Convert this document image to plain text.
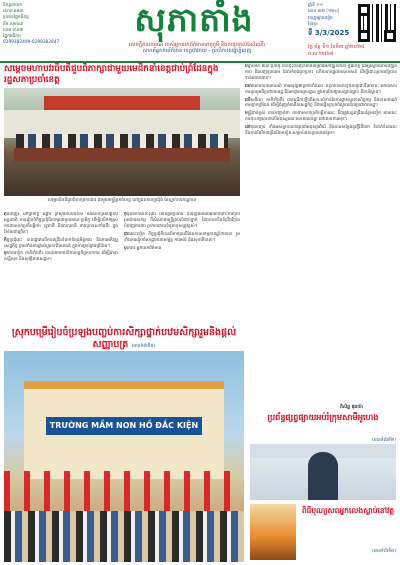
និពន្ធនាយក
សោត ឆត់តា
ប្រធានផ្នែកនិពន្ធ
នីម សុមាណ
ហេង ចាន់ផា
ផ្នែកអធិការ
0299382499-0299382847
សុភាតាំង
សេចក្តីរាយការណ៍ របស់អ្នកយកព័ត៌មានមាតុភូមិ និងការរួចរាល់នៃដំណើរ
សហព័ន្ធសារព័ត៌មាន ខេត្តជាងាយ - ប្រចាំការសង្ហាភ្នំពេញ
ឆ្នាំទី ១១
លេខ ៣២ (១២០)
ចេញផ្សាយរៀង
ខែមុន
ទី 3/3/2025
ថ្ងៃ ច័ន្ទ ទី១ ខែមីនា ឆ្នាំ២០២៥
ព.ស ២៥៦៨
សម្តេចមហាបវរធិបតីជួបពិភាក្សាជាមួយមេដឹកនាំខេត្តជាប់ព្រំដែនក្នុងរដ្ឋសភាប្រចាំខេត្ត
សម្តេចធិបតីជួបពិភាក្សាការងារ ជាមួយមន្ត្រីប្រចាំខេត្ត នៅក្នុងសាលប្រជុំធំ នៃស្នាក់ការកណ្តាល

ភ្នំពេញ៖ នៅព្រឹកថ្ងៃ អង្គារ ក្រសួងការបរទេស និងសហប្រតិបត្តិការអន្តរជាតិ បានរៀបចំកិច្ចប្រជុំពិភាក្សាជាមួយគណៈប្រតិភូ ដើម្បីលើកកម្ពស់ការងារសហប្រតិបត្តិការ ទ្វេភាគី និងពហុភាគី រវាងប្រទេសទាំងពីរ ក្នុងវិស័យជាច្រើន។

កិច្ចប្រជុំនេះ បានផ្តោតលើការពង្រឹងទំនាក់ទំនងមិត្តភាព និងការអភិវឌ្ឍសេដ្ឋកិច្ច ព្រមទាំងការផ្លាស់ប្តូរបទពិសោធន៍ ក្នុងការគ្រប់គ្រងព្រំដែន។

ម្យ៉ាងទៀត ភាគីទាំងពីរ បានឯកភាពលើការបន្តកិច្ចសហការ ដើម្បីធានាសន្តិសុខ និងសុវត្ថិភាពសង្គម។

ក្នុងឱកាសនោះដែរ ឯកឧត្តមប្រធាន បានថ្លែងអំណរគុណចំពោះការចូលរួមយ៉ាងសកម្ម ពីសំណាក់មន្ត្រីគ្រប់លំដាប់ថ្នាក់ ដែលបានខិតខំប្រឹងប្រែងបំពេញការងារ ប្រកបដោយទំនួលខុសត្រូវខ្ពស់។

ជាងនេះទៀត កិច្ចប្រជុំក៏បានពិភាក្សាលើផែនការសកម្មភាពឆ្នាំខាងមុខ រួមទាំងការរៀបចំហេដ្ឋារចនាសម្ព័ន្ធ ការអប់រំ និងសុខាភិបាល។

ប្រភព៖ អ្នកយកព័ត៌មាន

បន្ទាប់មក គណៈប្រតិភូ បានចុះពិនិត្យទីតាំងគម្រោងអភិវឌ្ឍន៍នានា ក្នុងខេត្ត ដើម្បីស្វែងយល់ពីវឌ្ឍនភាព និងបញ្ហាប្រឈម ដែលកំពុងជួបប្រទះ ហើយបានផ្តល់អនុសាសន៍ ដើម្បីដោះស្រាយឱ្យបានទាន់ពេលវេលា។

យោងតាមរបាយការណ៍ ការអនុវត្តគម្រោងទាំងនេះ ទទួលបានលទ្ធផលគួរជាទីមោទនៈ ដោយសារការចូលរួមពីប្រជាពលរដ្ឋ និងអាជ្ញាធរមូលដ្ឋាន ក្នុងការថែរក្សាសណ្តាប់ធ្នាប់ និងបរិស្ថាន។

លើសពីនេះ ភាគីទាំងពីរ បានលើកឡើងពីសារៈសំខាន់នៃការផ្លាស់ប្តូរពាណិជ្ជកម្ម និងទេសចរណ៍ តាមច្រកព្រំដែន ដើម្បីជំរុញកំណើនសេដ្ឋកិច្ច និងបង្កើនប្រាក់ចំណូលដល់ប្រជាពលរដ្ឋ។

មន្ត្រីជាន់ខ្ពស់ បានបញ្ជាក់ថា ការងារសហប្រតិបត្តិការនេះ នឹងត្រូវបន្តពង្រឹងបន្ថែមទៀត តាមរយៈការចុះហត្ថលេខាលើអនុស្សរណៈយោគយល់គ្នា នៅពេលខាងមុខ។

នៅចុងបញ្ចប់ ទាំងអស់គ្នាបានថតរូបជាអនុស្សាវរីយ៍ និងបានសម្តែងនូវក្តីរំពឹងថា ទំនាក់ទំនងនេះ នឹងកាន់តែរីកចម្រើនថែមទៀត សម្រាប់ផលប្រយោជន៍រួម។

ពិសិដ្ឋ ផុងយ៉ា
ស្រុកបម្រើរៀបចំប្រឡងបញ្ចប់ការសិក្សាថ្នាក់បឋមសិក្សារួមនិងផ្តល់សញ្ញាបត្រ (អានទំព័រទី៥)
TRƯỜNG MẦM NON HỒ ĐẮC KIỆN
ប្រព័ន្ធផ្សព្វផ្សាយអប់រំក្រុមសាមីអូហេង
(អានទំព័រទី២)
ពិធីបុណ្យសពអ្នកលេងស្លាប់នៅវត្ត
(អានទំព័រទី៥)
